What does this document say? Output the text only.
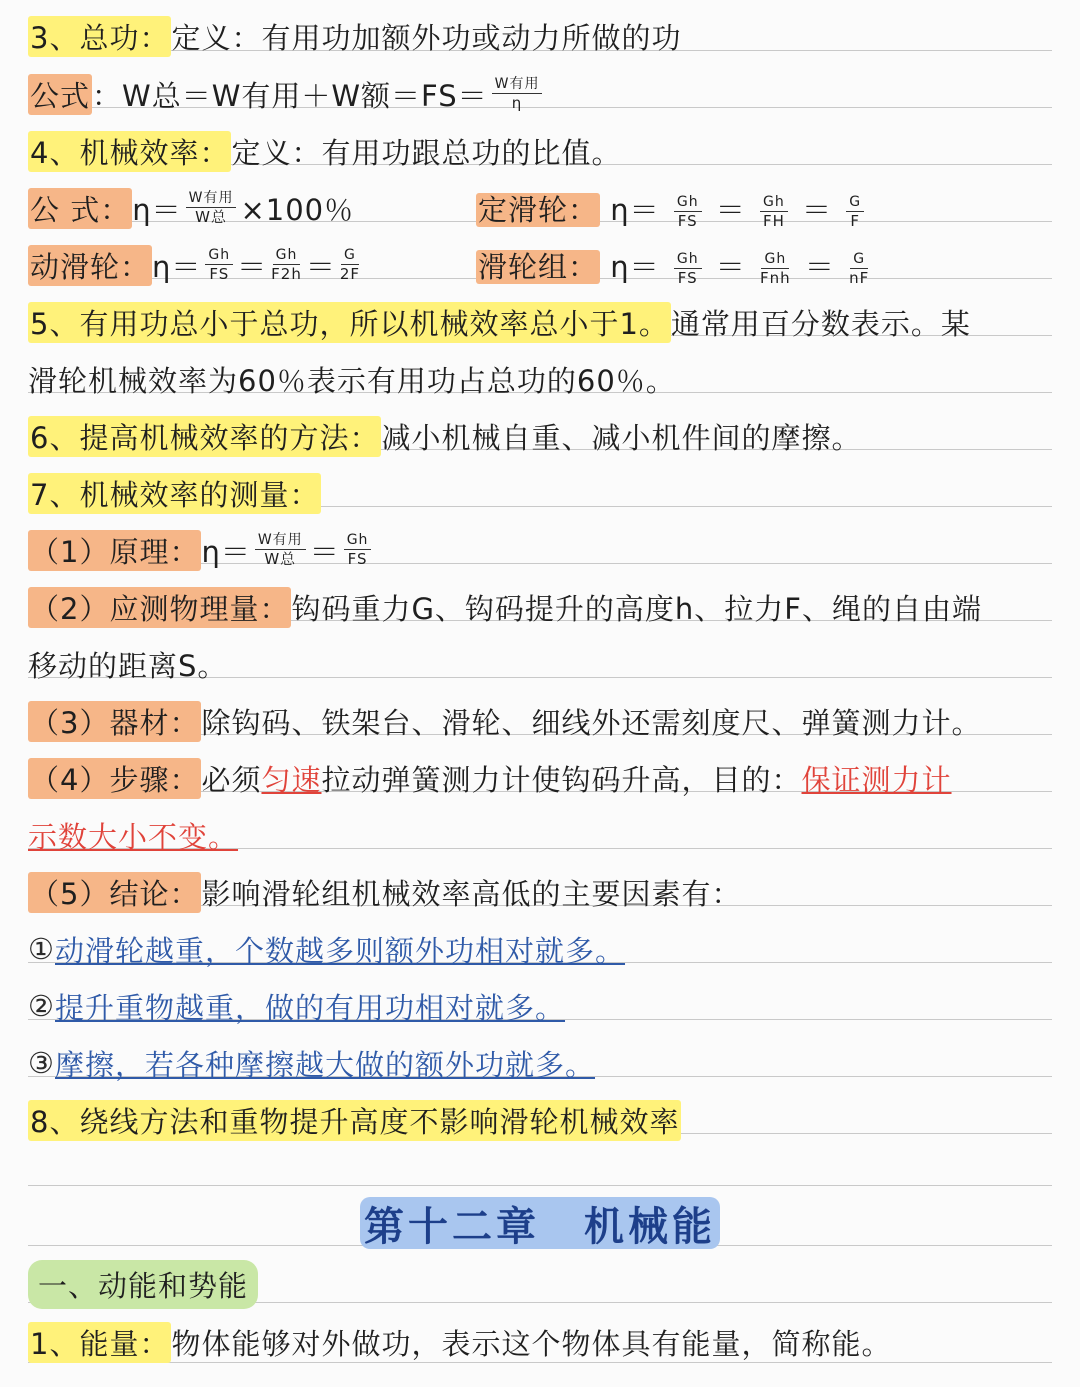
3、总功： 定义：有用功加额外功或动力所做的功
公式 ：W总＝W有用＋W额$=FS= \frac{\text{W有用}}{\eta}$
4、机械效率： 定义：有用功跟总功的比值。
公 式： $\eta= \frac{\text{W有用}}{\text{W总}} \times 100$％	定滑轮： $\eta= \frac{Gh}{FS} = \frac{Gh}{FH} = \frac{G}{F}$
动滑轮： $\eta= \frac{Gh}{FS} = \frac{Gh}{F2h} = \frac{G}{2F}$	滑轮组： $\eta= \frac{Gh}{FS} = \frac{Gh}{\text{Fnh}} = \frac{G}{nF}$
5、有用功总小于总功，所以机械效率总小于1。 通常用百分数表示。某
滑轮机械效率为60％表示有用功占总功的60％。
6、提高机械效率的方法： 减小机械自重、减小机件间的摩擦。
7、机械效率的测量：
（1）原理： $\eta= \frac{\text{W有用}}{\text{W总}} = \frac{Gh}{FS}$
（2）应测物理量： 钩码重力G、钩码提升的高度h、拉力F、绳的自由端
移动的距离S。
（3）器材： 除钩码、铁架台、滑轮、细线外还需刻度尺、弹簧测力计。
（4）步骤： 必须 匀速 拉动弹簧测力计使钩码升高，目的： 保证测力计
示数大小不变。
（5）结论： 影响滑轮组机械效率高低的主要因素有：
① 动滑轮越重，个数越多则额外功相对就多。
② 提升重物越重，做的有用功相对就多。
③ 摩擦，若各种摩擦越大做的额外功就多。
8、绕线方法和重物提升高度不影响滑轮机械效率
第十二章　机械能
一、动能和势能
1、能量： 物体能够对外做功，表示这个物体具有能量，简称能。
